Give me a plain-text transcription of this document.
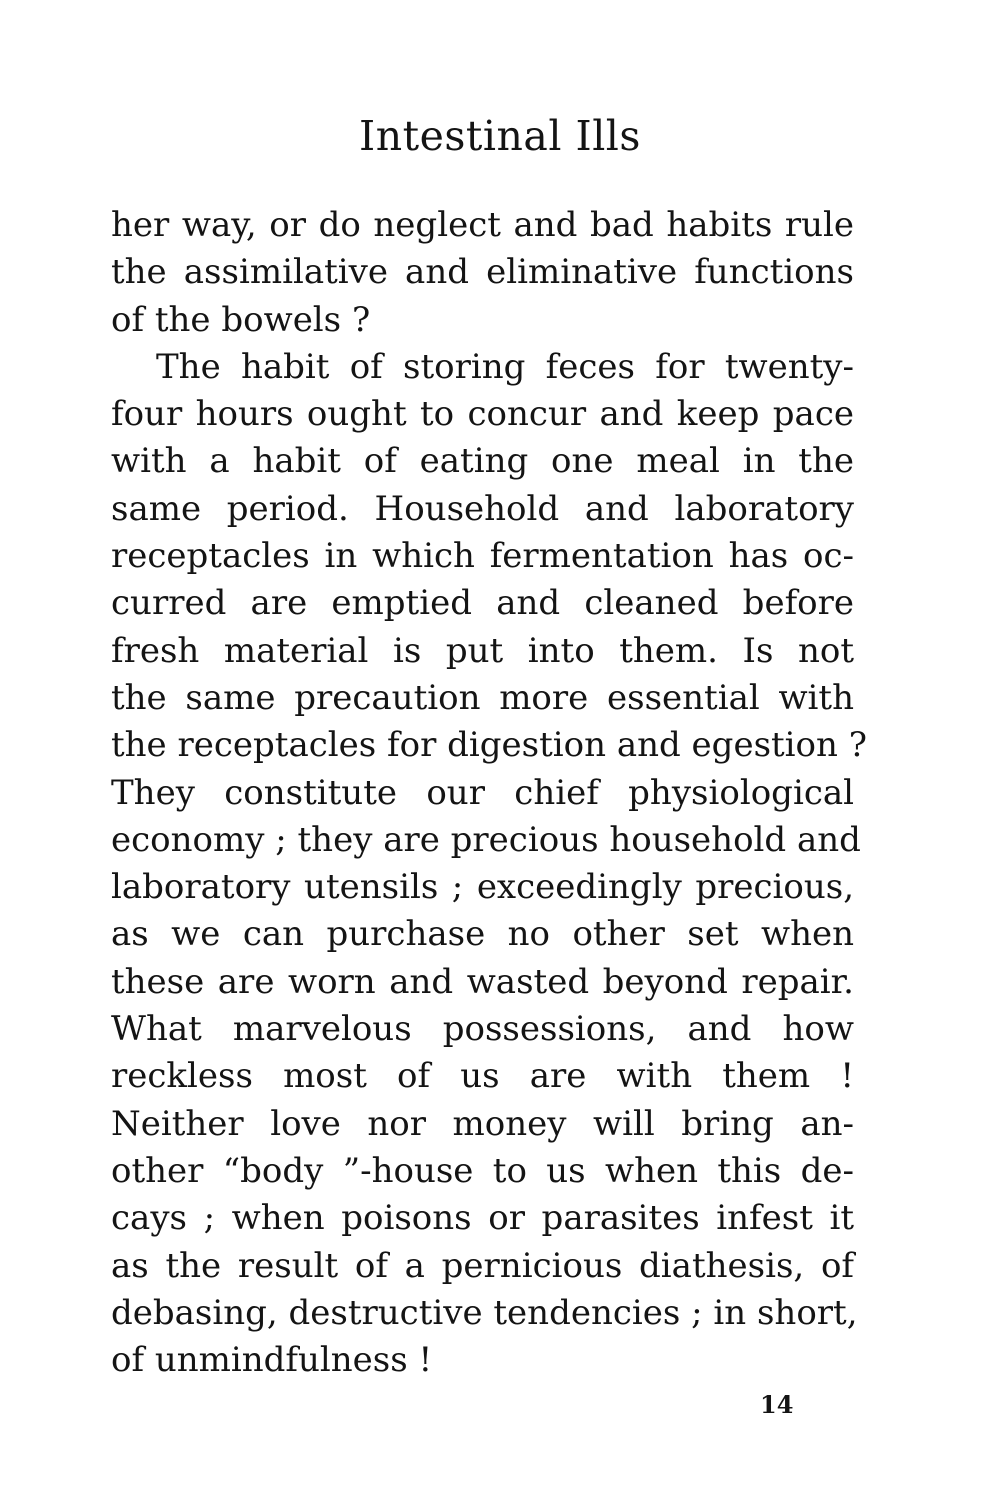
Intestinal Ills
her way, or do neglect and bad habits rule
the assimilative and eliminative functions
of the bowels ?
The habit of storing feces for twenty-
four hours ought to concur and keep pace
with a habit of eating one meal in the
same period. Household and laboratory
receptacles in which fermentation has oc-
curred are emptied and cleaned before
fresh material is put into them. Is not
the same precaution more essential with
the receptacles for digestion and egestion ?
They constitute our chief physiological
economy ; they are precious household and
laboratory utensils ; exceedingly precious,
as we can purchase no other set when
these are worn and wasted beyond repair.
What marvelous possessions, and how
reckless most of us are with them !
Neither love nor money will bring an-
other “body ”-house to us when this de-
cays ; when poisons or parasites infest it
as the result of a pernicious diathesis, of
debasing, destructive tendencies ; in short,
of unmindfulness !
14
